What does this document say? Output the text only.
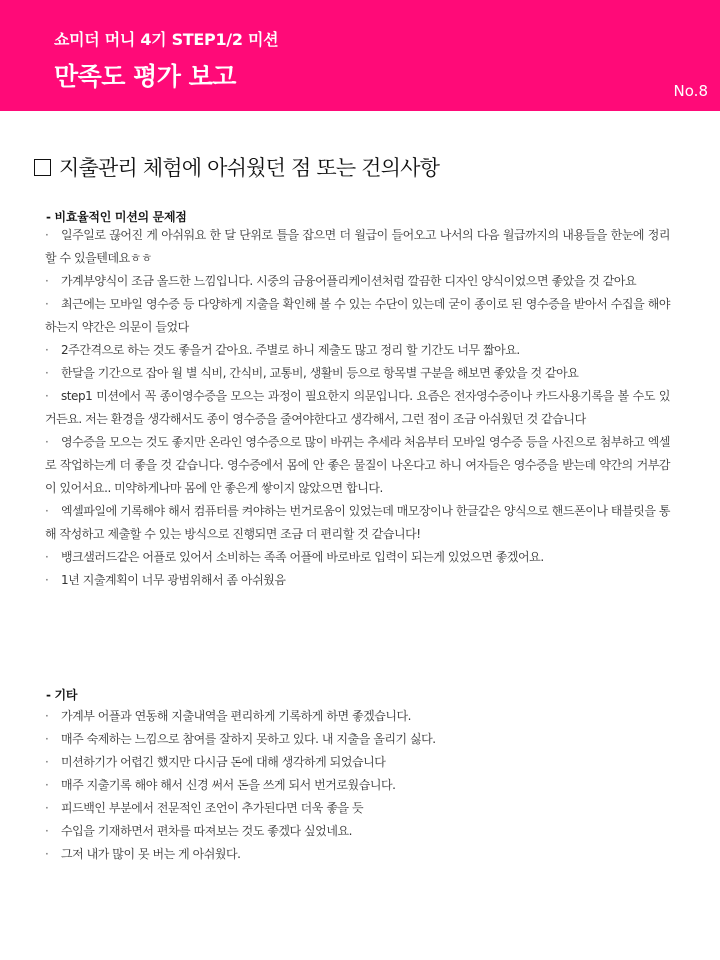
쇼미더 머니 4기 STEP1/2 미션
만족도 평가 보고	No.8
지출관리 체험에 아쉬웠던 점 또는 건의사항
- 비효율적인 미션의 문제점
· 일주일로 끊어진 게 아쉬워요 한 달 단위로 틀을 잡으면 더 월급이 들어오고 나서의 다음 월급까지의 내용들을 한눈에 정리할 수 있을텐데요ㅎㅎ
· 가계부양식이 조금 올드한 느낌입니다. 시중의 금융어플리케이션처럼 깔끔한 디자인 양식이었으면 좋았을 것 같아요
· 최근에는 모바일 영수증 등 다양하게 지출을 확인해 볼 수 있는 수단이 있는데 굳이 종이로 된 영수증을 받아서 수집을 해야하는지 약간은 의문이 들었다
· 2주간격으로 하는 것도 좋을거 같아요. 주별로 하니 제출도 많고 정리 할 기간도 너무 짧아요.
· 한달을 기간으로 잡아 월 별 식비, 간식비, 교통비, 생활비 등으로 항목별 구분을 해보면 좋았을 것 같아요
· step1 미션에서 꼭 종이영수증을 모으는 과정이 필요한지 의문입니다. 요즘은 전자영수증이나 카드사용기록을 볼 수도 있거든요. 저는 환경을 생각해서도 종이 영수증을 줄여야한다고 생각해서, 그런 점이 조금 아쉬웠던 것 같습니다
· 영수증을 모으는 것도 좋지만 온라인 영수증으로 많이 바뀌는 추세라 처음부터 모바일 영수증 등을 사진으로 첨부하고 엑셀로 작업하는게 더 좋을 것 같습니다. 영수증에서 몸에 안 좋은 물질이 나온다고 하니 여자들은 영수증을 받는데 약간의 거부감이 있어서요.. 미약하게나마 몸에 안 좋은게 쌓이지 않았으면 합니다.
· 엑셀파일에 기록해야 해서 컴퓨터를 켜야하는 번거로움이 있었는데 매모장이나 한글같은 양식으로 핸드폰이나 태블릿을 통해 작성하고 제출할 수 있는 방식으로 진행되면 조금 더 편리할 것 같습니다!
· 뱅크샐러드같은 어플로 있어서 소비하는 족족 어플에 바로바로 입력이 되는게 있었으면 좋겠어요.
· 1년 지출계획이 너무 광범위해서 좀 아쉬웠음
- 기타
· 가계부 어플과 연동해 지출내역을 편리하게 기록하게 하면 좋겠습니다.
· 매주 숙제하는 느낌으로 참여를 잘하지 못하고 있다. 내 지출을 올리기 싫다.
· 미션하기가 어렵긴 했지만 다시금 돈에 대해 생각하게 되었습니다
· 매주 지출기록 해야 해서 신경 써서 돈을 쓰게 되서 번거로웠습니다.
· 피드백인 부분에서 전문적인 조언이 추가된다면 더욱 좋을 듯
· 수입을 기재하면서 편차를 따져보는 것도 좋겠다 싶었네요.
· 그저 내가 많이 못 버는 게 아쉬웠다.
